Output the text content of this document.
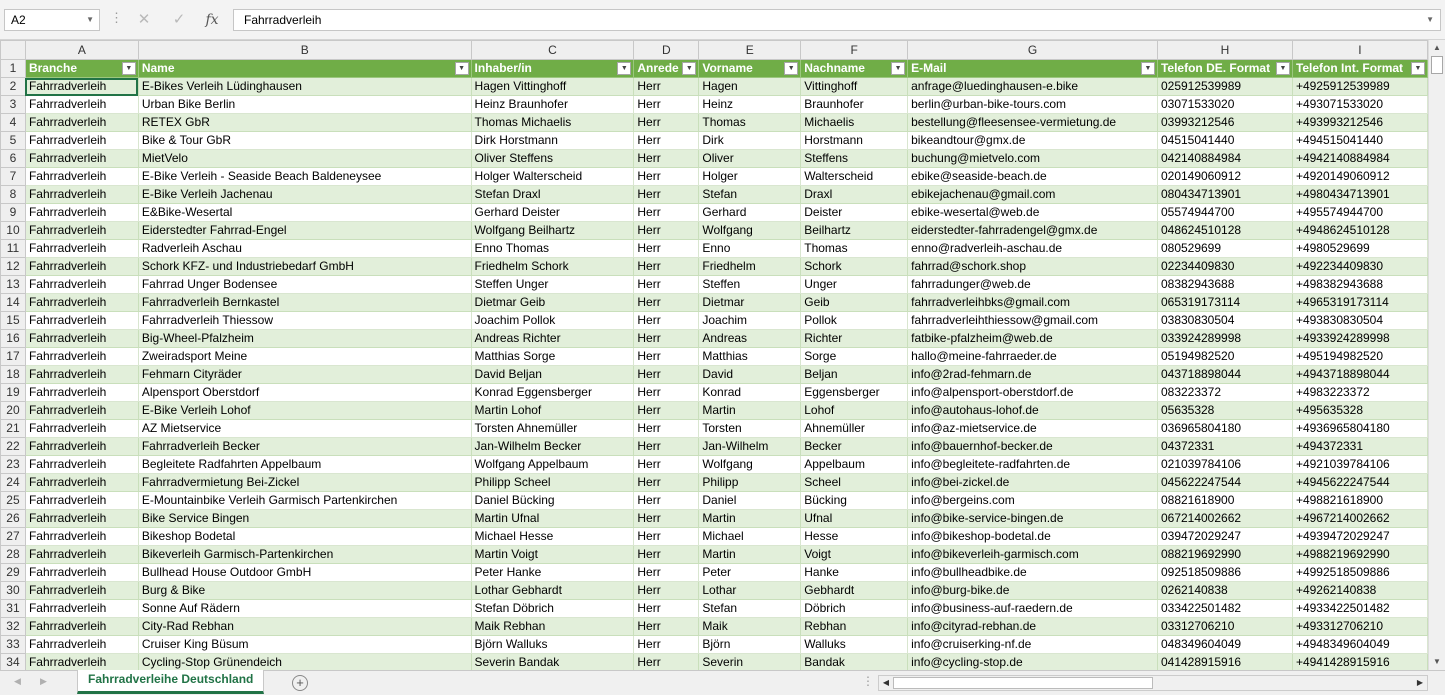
A2	▼ ⋮ ✕	✓	fx	Fahrradverleih	▼
	A	B	C	D	E	F	G	H	I
1	Branche ▼	Name ▼	Inhaber/in ▼	Anrede ▼	Vorname ▼	Nachname ▼	E-Mail ▼	Telefon DE. Format ▼	Telefon Int. Format ▼

2	Fahrradverleih	E-Bikes Verleih Lüdinghausen	Hagen Vittinghoff	Herr	Hagen	Vittinghoff	anfrage@luedinghausen-e.bike	025912539989	+4925912539989
3	Fahrradverleih	Urban Bike Berlin	Heinz Braunhofer	Herr	Heinz	Braunhofer	berlin@urban-bike-tours.com	03071533020	+493071533020
4	Fahrradverleih	RETEX GbR	Thomas Michaelis	Herr	Thomas	Michaelis	bestellung@fleesensee-vermietung.de	03993212546	+493993212546
5	Fahrradverleih	Bike & Tour GbR	Dirk Horstmann	Herr	Dirk	Horstmann	bikeandtour@gmx.de	04515041440	+494515041440
6	Fahrradverleih	MietVelo	Oliver Steffens	Herr	Oliver	Steffens	buchung@mietvelo.com	042140884984	+4942140884984
7	Fahrradverleih	E-Bike Verleih - Seaside Beach Baldeneysee	Holger Walterscheid	Herr	Holger	Walterscheid	ebike@seaside-beach.de	020149060912	+4920149060912
8	Fahrradverleih	E-Bike Verleih Jachenau	Stefan Draxl	Herr	Stefan	Draxl	ebikejachenau@gmail.com	080434713901	+4980434713901
9	Fahrradverleih	E&Bike-Wesertal	Gerhard Deister	Herr	Gerhard	Deister	ebike-wesertal@web.de	05574944700	+495574944700
10	Fahrradverleih	Eiderstedter Fahrrad-Engel	Wolfgang Beilhartz	Herr	Wolfgang	Beilhartz	eiderstedter-fahrradengel@gmx.de	048624510128	+4948624510128
11	Fahrradverleih	Radverleih Aschau	Enno Thomas	Herr	Enno	Thomas	enno@radverleih-aschau.de	080529699	+4980529699
12	Fahrradverleih	Schork KFZ- und Industriebedarf GmbH	Friedhelm Schork	Herr	Friedhelm	Schork	fahrrad@schork.shop	02234409830	+492234409830
13	Fahrradverleih	Fahrrad Unger Bodensee	Steffen Unger	Herr	Steffen	Unger	fahrradunger@web.de	08382943688	+498382943688
14	Fahrradverleih	Fahrradverleih Bernkastel	Dietmar Geib	Herr	Dietmar	Geib	fahrradverleihbks@gmail.com	065319173114	+4965319173114
15	Fahrradverleih	Fahrradverleih Thiessow	Joachim Pollok	Herr	Joachim	Pollok	fahrradverleihthiessow@gmail.com	03830830504	+493830830504
16	Fahrradverleih	Big-Wheel-Pfalzheim	Andreas Richter	Herr	Andreas	Richter	fatbike-pfalzheim@web.de	033924289998	+4933924289998
17	Fahrradverleih	Zweiradsport Meine	Matthias Sorge	Herr	Matthias	Sorge	hallo@meine-fahrraeder.de	05194982520	+495194982520
18	Fahrradverleih	Fehmarn Cityräder	David Beljan	Herr	David	Beljan	info@2rad-fehmarn.de	043718898044	+4943718898044
19	Fahrradverleih	Alpensport Oberstdorf	Konrad Eggensberger	Herr	Konrad	Eggensberger	info@alpensport-oberstdorf.de	083223372	+4983223372
20	Fahrradverleih	E-Bike Verleih Lohof	Martin Lohof	Herr	Martin	Lohof	info@autohaus-lohof.de	05635328	+495635328
21	Fahrradverleih	AZ Mietservice	Torsten Ahnemüller	Herr	Torsten	Ahnemüller	info@az-mietservice.de	036965804180	+4936965804180
22	Fahrradverleih	Fahrradverleih Becker	Jan-Wilhelm Becker	Herr	Jan-Wilhelm	Becker	info@bauernhof-becker.de	04372331	+494372331
23	Fahrradverleih	Begleitete Radfahrten Appelbaum	Wolfgang Appelbaum	Herr	Wolfgang	Appelbaum	info@begleitete-radfahrten.de	021039784106	+4921039784106
24	Fahrradverleih	Fahrradvermietung Bei-Zickel	Philipp Scheel	Herr	Philipp	Scheel	info@bei-zickel.de	045622247544	+4945622247544
25	Fahrradverleih	E-Mountainbike Verleih Garmisch Partenkirchen	Daniel Bücking	Herr	Daniel	Bücking	info@bergeins.com	08821618900	+498821618900
26	Fahrradverleih	Bike Service Bingen	Martin Ufnal	Herr	Martin	Ufnal	info@bike-service-bingen.de	067214002662	+4967214002662
27	Fahrradverleih	Bikeshop Bodetal	Michael Hesse	Herr	Michael	Hesse	info@bikeshop-bodetal.de	039472029247	+4939472029247
28	Fahrradverleih	Bikeverleih Garmisch-Partenkirchen	Martin Voigt	Herr	Martin	Voigt	info@bikeverleih-garmisch.com	088219692990	+4988219692990
29	Fahrradverleih	Bullhead House Outdoor GmbH	Peter Hanke	Herr	Peter	Hanke	info@bullheadbike.de	092518509886	+4992518509886
30	Fahrradverleih	Burg & Bike	Lothar Gebhardt	Herr	Lothar	Gebhardt	info@burg-bike.de	0262140838	+49262140838
31	Fahrradverleih	Sonne Auf Rädern	Stefan Döbrich	Herr	Stefan	Döbrich	info@business-auf-raedern.de	033422501482	+4933422501482
32	Fahrradverleih	City-Rad Rebhan	Maik Rebhan	Herr	Maik	Rebhan	info@cityrad-rebhan.de	03312706210	+493312706210
33	Fahrradverleih	Cruiser King Büsum	Björn Walluks	Herr	Björn	Walluks	info@cruiserking-nf.de	048349604049	+4948349604049
34	Fahrradverleih	Cycling-Stop Grünendeich	Severin Bandak	Herr	Severin	Bandak	info@cycling-stop.de	041428915916	+4941428915916
▲
▼
◀ ▶	Fahrradverleihe Deutschland	+	⋮	◀	▶
